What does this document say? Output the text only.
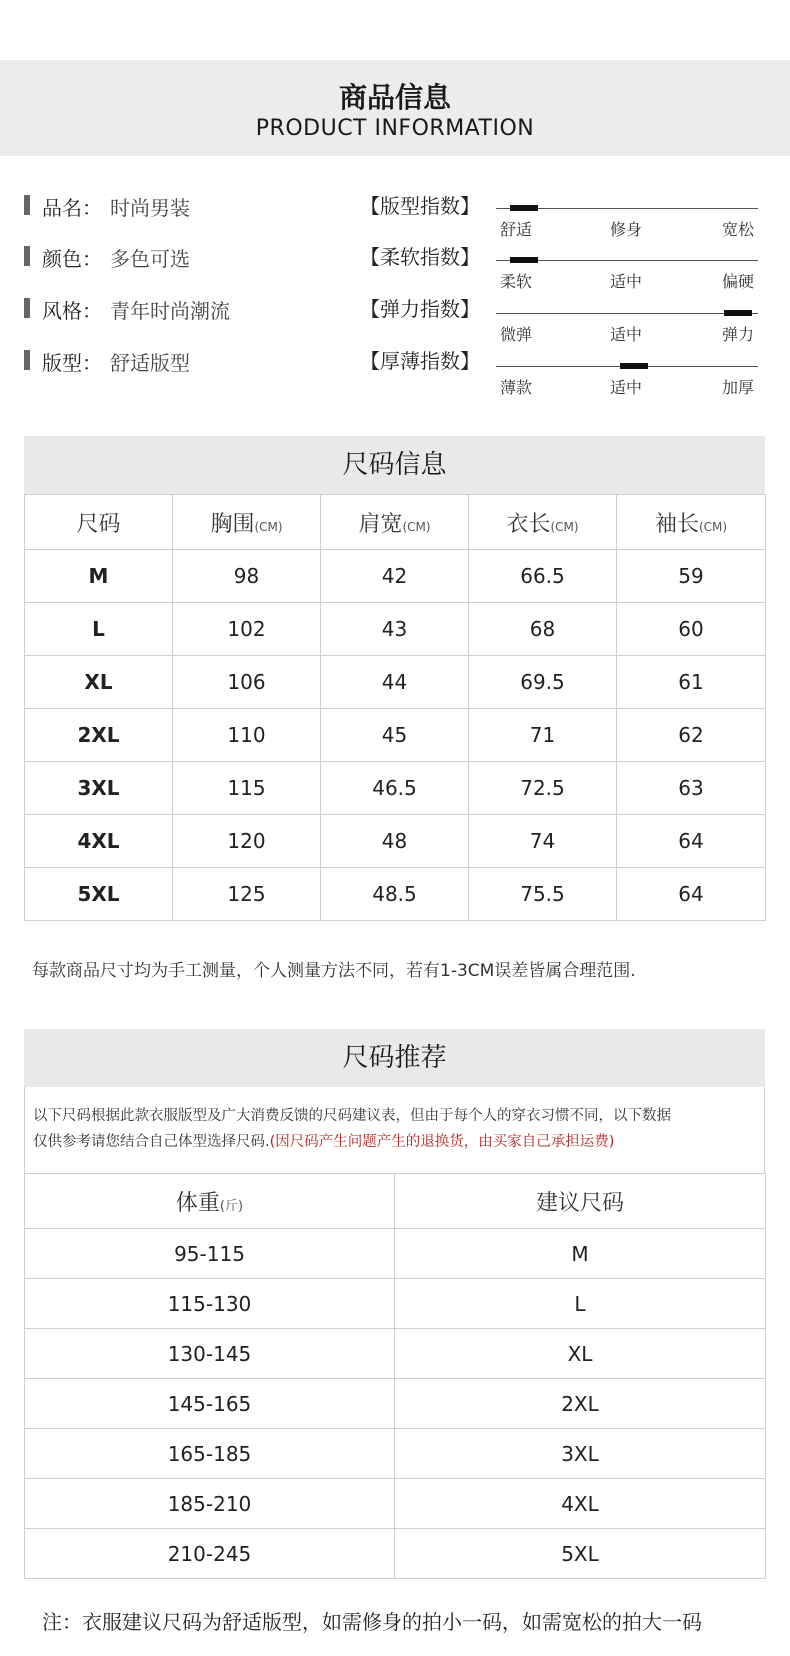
商品信息
PRODUCT INFORMATION
品名： 时尚男装	【版型指数】
舒适	修身	宽松
颜色： 多色可选	【柔软指数】
柔软	适中	偏硬
风格： 青年时尚潮流	【弹力指数】
微弹	适中	弹力
版型： 舒适版型	【厚薄指数】
薄款	适中	加厚
尺码信息
尺码	胸围(CM)	肩宽(CM)	衣长(CM)	袖长(CM)
M	98	42	66.5	59
L	102	43	68	60
XL	106	44	69.5	61
2XL	110	45	71	62
3XL	115	46.5	72.5	63
4XL	120	48	74	64
5XL	125	48.5	75.5	64
每款商品尺寸均为手工测量，个人测量方法不同，若有1-3CM误差皆属合理范围.
尺码推荐
以下尺码根据此款衣服版型及广大消费反馈的尺码建议表，但由于每个人的穿衣习惯不同，以下数据
仅供参考请您结合自己体型选择尺码.(因尺码产生问题产生的退换货，由买家自己承担运费)
体重(斤)	建议尺码
95-115	M
115-130	L
130-145	XL
145-165	2XL
165-185	3XL
185-210	4XL
210-245	5XL
注：衣服建议尺码为舒适版型，如需修身的拍小一码，如需宽松的拍大一码
